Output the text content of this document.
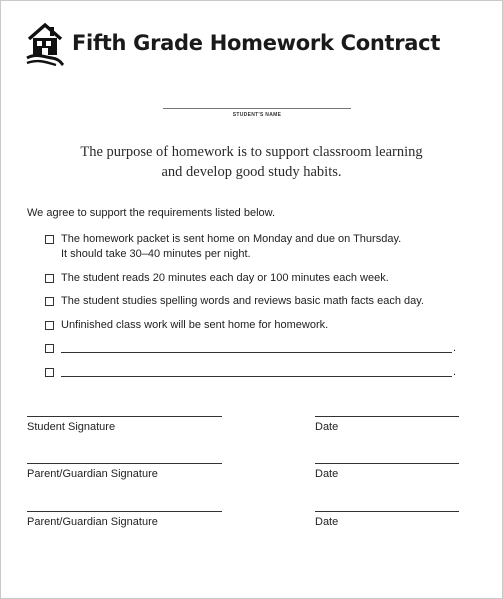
Fifth Grade Homework Contract
STUDENT'S NAME
The purpose of homework is to support classroom learning
and develop good study habits.
We agree to support the requirements listed below.
The homework packet is sent home on Monday and due on Thursday.
It should take 30–40 minutes per night.
The student reads 20 minutes each day or 100 minutes each week.
The student studies spelling words and reviews basic math facts each day.
Unfinished class work will be sent home for homework.
.
.
Student Signature	Date
Parent/Guardian Signature	Date
Parent/Guardian Signature	Date
